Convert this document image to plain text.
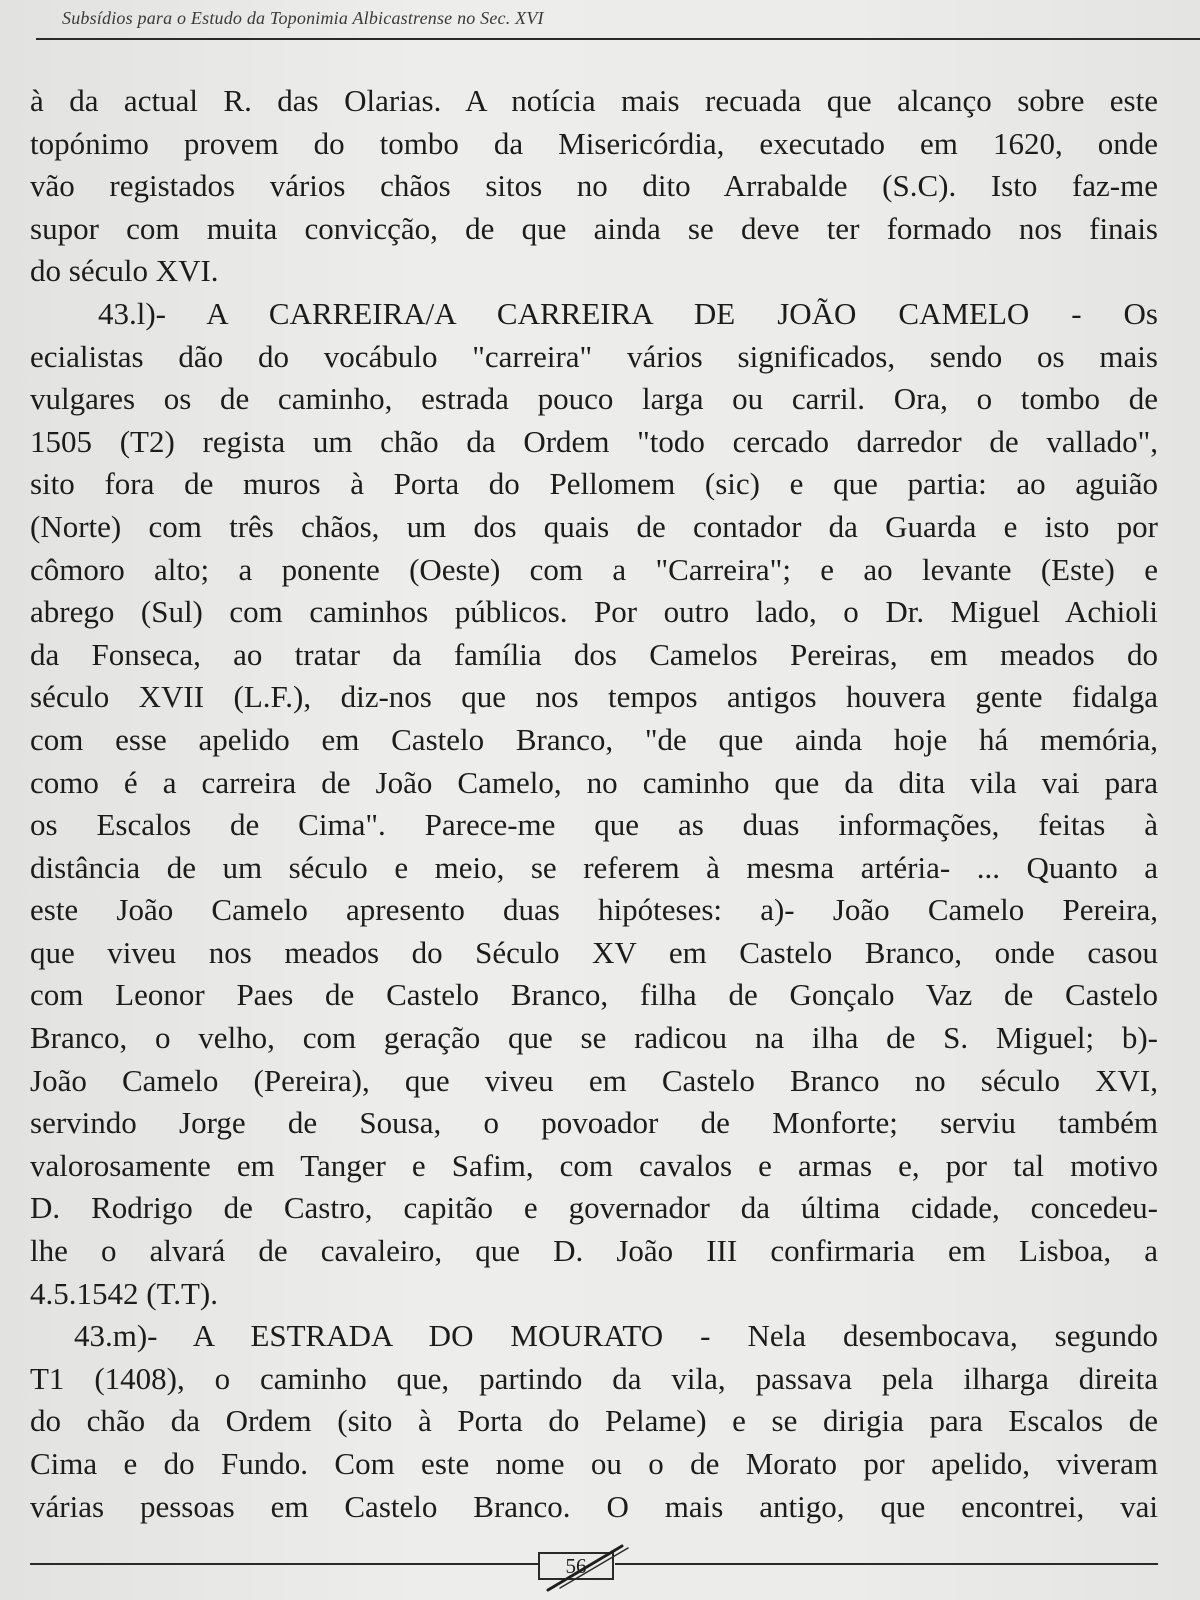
Subsídios para o Estudo da Toponimia Albicastrense no Sec. XVI
à da actual R. das Olarias. A notícia mais recuada que alcanço sobre este
topónimo provem do tombo da Misericórdia, executado em 1620, onde
vão registados vários chãos sitos no dito Arrabalde (S.C). Isto faz-me
supor com muita convicção, de que ainda se deve ter formado nos finais
do século XVI.
43.l)- A CARREIRA/A CARREIRA DE JOÃO CAMELO - Os
ecialistas dão do vocábulo "carreira" vários significados, sendo os mais
vulgares os de caminho, estrada pouco larga ou carril. Ora, o tombo de
1505 (T2) regista um chão da Ordem "todo cercado darredor de vallado",
sito fora de muros à Porta do Pellomem (sic) e que partia: ao aguião
(Norte) com três chãos, um dos quais de contador da Guarda e isto por
cômoro alto; a ponente (Oeste) com a "Carreira"; e ao levante (Este) e
abrego (Sul) com caminhos públicos. Por outro lado, o Dr. Miguel Achioli
da Fonseca, ao tratar da família dos Camelos Pereiras, em meados do
século XVII (L.F.), diz-nos que nos tempos antigos houvera gente fidalga
com esse apelido em Castelo Branco, "de que ainda hoje há memória,
como é a carreira de João Camelo, no caminho que da dita vila vai para
os Escalos de Cima". Parece-me que as duas informações, feitas à
distância de um século e meio, se referem à mesma artéria- ... Quanto a
este João Camelo apresento duas hipóteses: a)- João Camelo Pereira,
que viveu nos meados do Século XV em Castelo Branco, onde casou
com Leonor Paes de Castelo Branco, filha de Gonçalo Vaz de Castelo
Branco, o velho, com geração que se radicou na ilha de S. Miguel; b)-
João Camelo (Pereira), que viveu em Castelo Branco no século XVI,
servindo Jorge de Sousa, o povoador de Monforte; serviu também
valorosamente em Tanger e Safim, com cavalos e armas e, por tal motivo
D. Rodrigo de Castro, capitão e governador da última cidade, concedeu-
lhe o alvará de cavaleiro, que D. João III confirmaria em Lisboa, a
4.5.1542 (T.T).
43.m)- A ESTRADA DO MOURATO - Nela desembocava, segundo
T1 (1408), o caminho que, partindo da vila, passava pela ilharga direita
do chão da Ordem (sito à Porta do Pelame) e se dirigia para Escalos de
Cima e do Fundo. Com este nome ou o de Morato por apelido, viveram
várias pessoas em Castelo Branco. O mais antigo, que encontrei, vai
56
